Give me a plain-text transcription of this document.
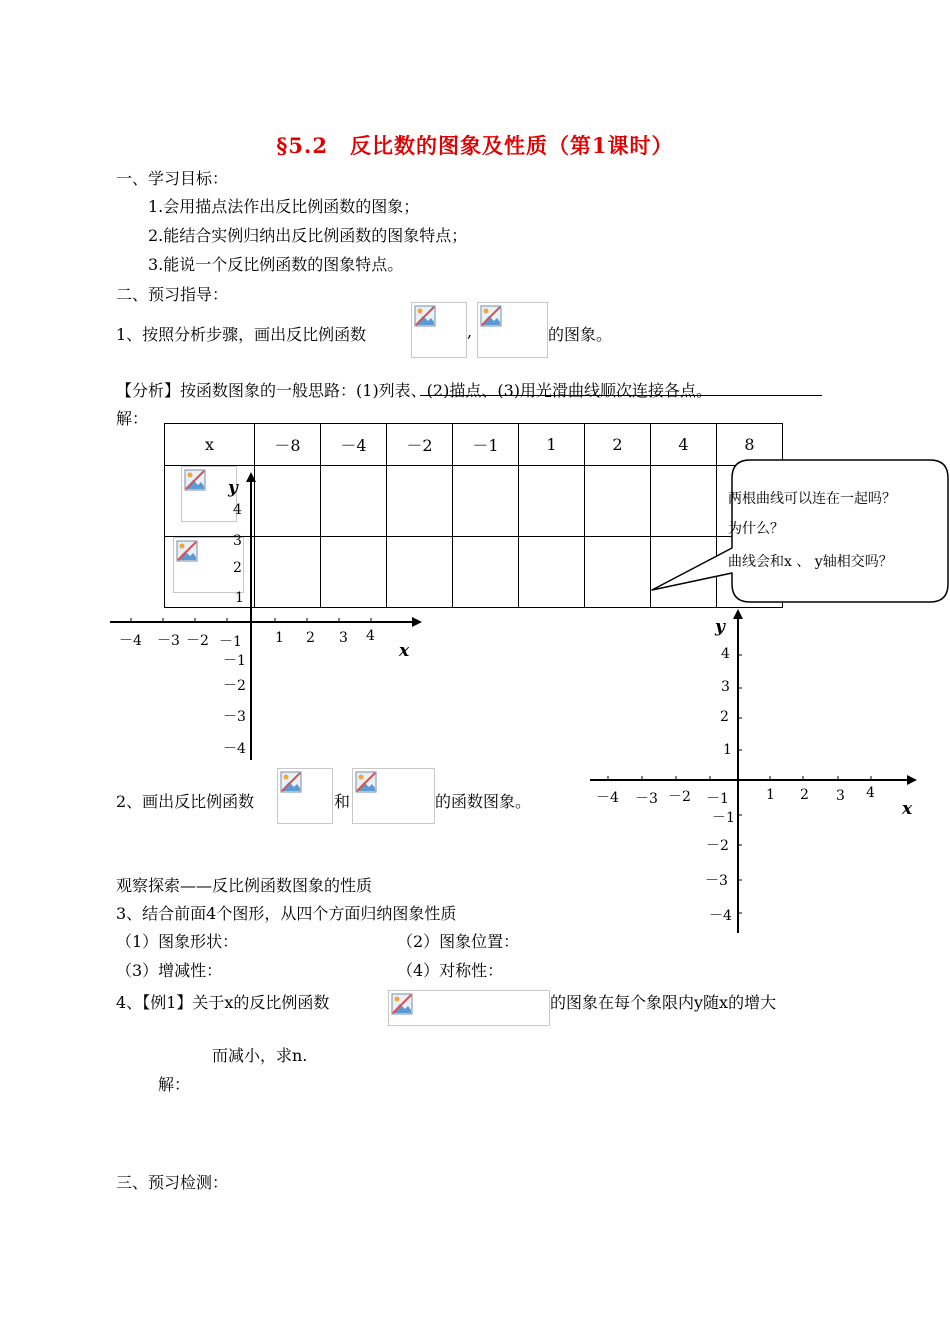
§5.2　反比数的图象及性质（第1课时）
一、学习目标：
1.会用描点法作出反比例函数的图象；
2.能结合实例归纳出反比例函数的图象特点；
3.能说一个反比例函数的图象特点。
二、预习指导：
1、按照分析步骤，画出反比例函数	,	的图象。
【分析】按函数图象的一般思路：(1)列表、(2)描点、(3)用光滑曲线顺次连接各点。
解：
x	－8	－4	－2	－1	1	2	4	8

y
x
－4 －3 －2 －1 1 2 3 4
4
3
2
1
－1
－2
－3
－4
两根曲线可以连在一起吗？
为什么？
曲线会和x 、 y轴相交吗？
y
x
－4 －3 －2 －1	1 2 3 4
4
3
2
1
－1
－2
－3
－4
2、画出反比例函数	和	的函数图象。
观察探索——反比例函数图象的性质
3、结合前面4个图形，从四个方面归纳图象性质
（1）图象形状：	（2）图象位置：
（3）增减性：	（4）对称性：
4、【例1】关于x的反比例函数	的图象在每个象限内y随x的增大
而减小，求n.
解：
三、预习检测：
